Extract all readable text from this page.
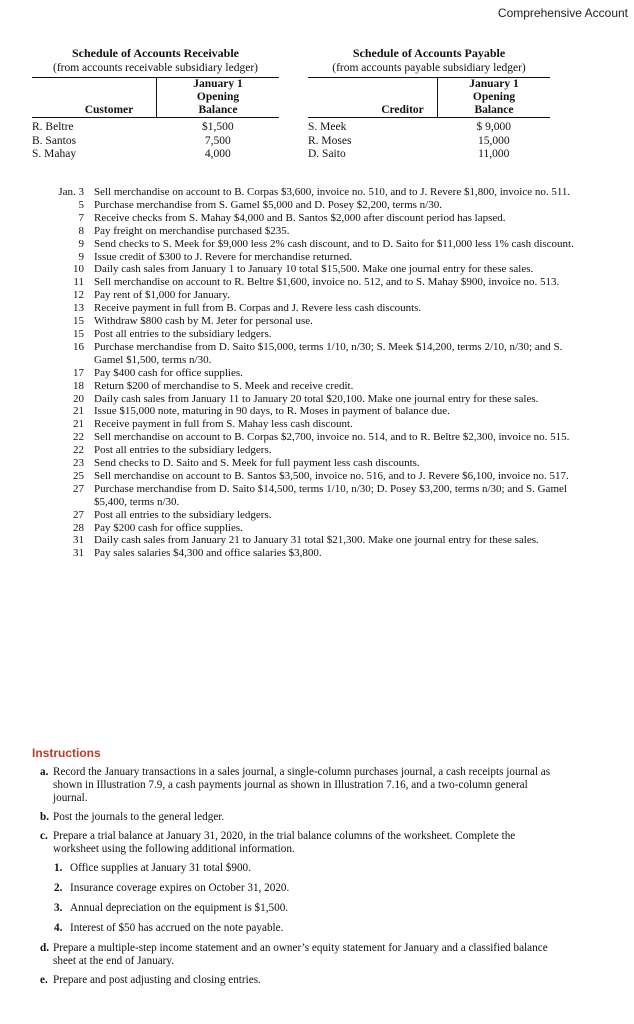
Comprehensive Account
Schedule of Accounts Receivable
(from accounts receivable subsidiary ledger)
	January 1
	Opening
Customer	Balance
R. Beltre	$1,500
B. Santos	7,500
S. Mahay	4,000
Schedule of Accounts Payable
(from accounts payable subsidiary ledger)
	January 1
	Opening
Creditor	Balance
S. Meek	$ 9,000
R. Moses	15,000
D. Saito	11,000
Jan. 3 Sell merchandise on account to B. Corpas $3,600, invoice no. 510, and to J. Revere $1,800, invoice no. 511.
5 Purchase merchandise from S. Gamel $5,000 and D. Posey $2,200, terms n/30.
7 Receive checks from S. Mahay $4,000 and B. Santos $2,000 after discount period has lapsed.
8 Pay freight on merchandise purchased $235.
9 Send checks to S. Meek for $9,000 less 2% cash discount, and to D. Saito for $11,000 less 1% cash discount.
9 Issue credit of $300 to J. Revere for merchandise returned.
10 Daily cash sales from January 1 to January 10 total $15,500. Make one journal entry for these sales.
11 Sell merchandise on account to R. Beltre $1,600, invoice no. 512, and to S. Mahay $900, invoice no. 513.
12 Pay rent of $1,000 for January.
13 Receive payment in full from B. Corpas and J. Revere less cash discounts.
15 Withdraw $800 cash by M. Jeter for personal use.
15 Post all entries to the subsidiary ledgers.
16 Purchase merchandise from D. Saito $15,000, terms 1/10, n/30; S. Meek $14,200, terms 2/10, n/30; and S. Gamel $1,500, terms n/30.
17 Pay $400 cash for office supplies.
18 Return $200 of merchandise to S. Meek and receive credit.
20 Daily cash sales from January 11 to January 20 total $20,100. Make one journal entry for these sales.
21 Issue $15,000 note, maturing in 90 days, to R. Moses in payment of balance due.
21 Receive payment in full from S. Mahay less cash discount.
22 Sell merchandise on account to B. Corpas $2,700, invoice no. 514, and to R. Beltre $2,300, invoice no. 515.
22 Post all entries to the subsidiary ledgers.
23 Send checks to D. Saito and S. Meek for full payment less cash discounts.
25 Sell merchandise on account to B. Santos $3,500, invoice no. 516, and to J. Revere $6,100, invoice no. 517.
27 Purchase merchandise from D. Saito $14,500, terms 1/10, n/30; D. Posey $3,200, terms n/30; and S. Gamel $5,400, terms n/30.
27 Post all entries to the subsidiary ledgers.
28 Pay $200 cash for office supplies.
31 Daily cash sales from January 21 to January 31 total $21,300. Make one journal entry for these sales.
31 Pay sales salaries $4,300 and office salaries $3,800.
Instructions
a. Record the January transactions in a sales journal, a single-column purchases journal, a cash receipts journal as shown in Illustration 7.9, a cash payments journal as shown in Illustration 7.16, and a two-column general journal.
b. Post the journals to the general ledger.
c. Prepare a trial balance at January 31, 2020, in the trial balance columns of the worksheet. Complete the worksheet using the following additional information.
1. Office supplies at January 31 total $900.
2. Insurance coverage expires on October 31, 2020.
3. Annual depreciation on the equipment is $1,500.
4. Interest of $50 has accrued on the note payable.
d. Prepare a multiple-step income statement and an owner’s equity statement for January and a classified balance sheet at the end of January.
e. Prepare and post adjusting and closing entries.
